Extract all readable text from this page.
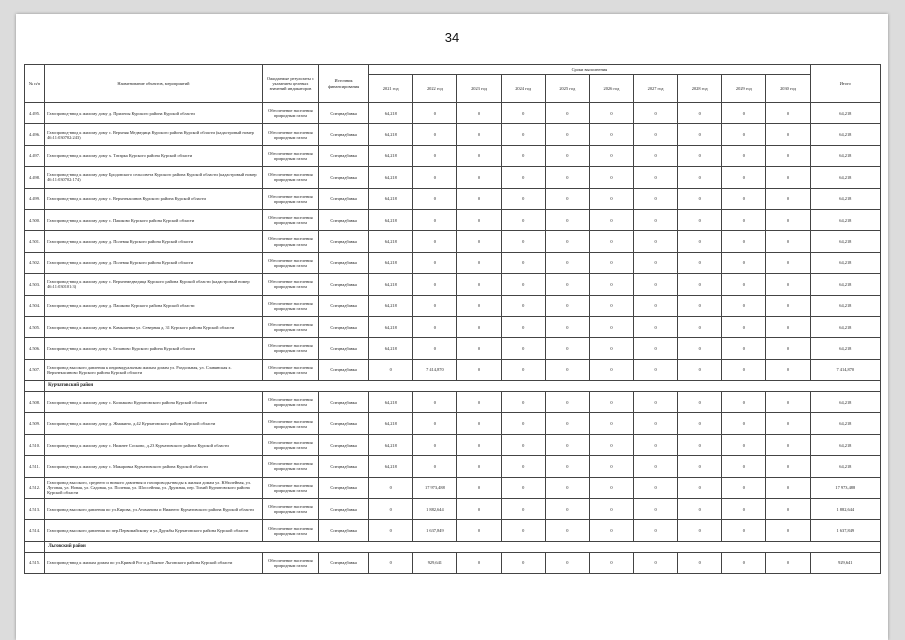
34
№ п/п	Наименование объектов, мероприятий	Ожидаемые результаты с указанием целевых значений индикаторов	Источник финансирования	Сроки выполнения										Итого
				2021 год	2022 год	2023 год	2024 год	2025 год	2026 год	2027 год	2028 год	2029 год	2030 год	
4.495.	Газопровод-ввод к жилому дому д. Прилепы Курского района Курской области	Обеспечение населения природным газом	Спецнадбавка	64,218	0	0	0	0	0	0	0	0	0	64,218
4.496.	Газопровод-ввод к жилому дому с. Верхняя Медведица Курского района Курской области (кадастровый номер 46:11:030702:243)	Обеспечение населения природным газом	Спецнадбавка	64,218	0	0	0	0	0	0	0	0	0	64,218
4.497.	Газопровод-ввод к жилому дому х. Татарка Курского района Курской области	Обеспечение населения природным газом	Спецнадбавка	64,218	0	0	0	0	0	0	0	0	0	64,218
4.498.	Газопровод-ввод к жилому дому Бродовского сельсовета Курского района Курской области (кадастровый номер 46:11:030702:174)	Обеспечение населения природным газом	Спецнадбавка	64,218	0	0	0	0	0	0	0	0	0	64,218
4.499.	Газопровод-ввод к жилому дому с. Верхнекасинов Курского района Курской области	Обеспечение населения природным газом	Спецнадбавка	64,218	0	0	0	0	0	0	0	0	0	64,218
4.500.	Газопровод-ввод к жилому дому с. Пашково Курского района Курской области	Обеспечение населения природным газом	Спецнадбавка	64,218	0	0	0	0	0	0	0	0	0	64,218
4.501.	Газопровод-ввод к жилому дому д. Полевая Курского района Курской области	Обеспечение населения природным газом	Спецнадбавка	64,218	0	0	0	0	0	0	0	0	0	64,218
4.502.	Газопровод-ввод к жилому дому д. Полевая Курского района Курской области	Обеспечение населения природным газом	Спецнадбавка	64,218	0	0	0	0	0	0	0	0	0	64,218
4.503.	Газопровод-ввод к жилому дому с. Верхнемедведица Курского района Курской области (кадастровый номер 46:11:030101:3)	Обеспечение населения природным газом	Спецнадбавка	64,218	0	0	0	0	0	0	0	0	0	64,218
4.504.	Газопровод-ввод к жилому дому д. Пашково Курского района Курской области	Обеспечение населения природным газом	Спецнадбавка	64,218	0	0	0	0	0	0	0	0	0	64,218
4.505.	Газопровод-ввод к жилому дому в. Камышевка ул. Северная д. 31 Курского района Курской области	Обеспечение населения природным газом	Спецнадбавка	64,218	0	0	0	0	0	0	0	0	0	64,218
4.506.	Газопровод-ввод к жилому дому х. Беланово Курского района Курской области	Обеспечение населения природным газом	Спецнадбавка	64,218	0	0	0	0	0	0	0	0	0	64,218
4.507.	Газопровод высокого давления к индивидуальным жилым домам ул. Раздольная, ул. Славянская х. Верхнекасиново Курского района Курской области	Обеспечение населения природным газом	Спецнадбавка	0	7 414,870	0	0	0	0	0	0	0	0	7 414,870
	Курчатовский район													
4.508.	Газопровод-ввод к жилому дому с. Колпаково Курчатовского района Курской области	Обеспечение населения природным газом	Спецнадбавка	64,218	0	0	0	0	0	0	0	0	0	64,218
4.509.	Газопровод-ввод к жилому дому д. Жмакино, д.42 Курчатовского района Курской области	Обеспечение населения природным газом	Спецнадбавка	64,218	0	0	0	0	0	0	0	0	0	64,218
4.510.	Газопровод-ввод к жилому дому с. Нижнее Сосково, д.23 Курчатовского района Курской области	Обеспечение населения природным газом	Спецнадбавка	64,218	0	0	0	0	0	0	0	0	0	64,218
4.511.	Газопровод-ввод к жилому дому с. Макаровка Курчатовского района Курской области	Обеспечение населения природным газом	Спецнадбавка	64,218	0	0	0	0	0	0	0	0	0	64,218
4.512.	Газопровод высокого, среднего и низкого давления и газопроводы-вводы к жилым домам ул. Юбилейная, ул. Луговая, ул. Новая, ул. Садовая, ул. Полевая, ул. Шоссейная, ул. Дружная, пер. Тихий Курчатовского района Курской области	Обеспечение населения природным газом	Спецнадбавка	0	17 973,488	0	0	0	0	0	0	0	0	17 973,488
4.513.	Газопровод высокого давления по ул.Кирова, ул.Атаманова и Нижнего Курчатовского района Курской области	Обеспечение населения природным газом	Спецнадбавка	0	1 882,644	0	0	0	0	0	0	0	0	1 882,644
4.514.	Газопровод высокого давления по пер.Первомайскому и ул.Дружбы Курчатовского района Курской области	Обеспечение населения природным газом	Спецнадбавка	0	1 637,849	0	0	0	0	0	0	0	0	1 637,849
	Льговский район													
4.515.	Газопровод-ввод к жилым домам по ул.Кривой Рог и д.Пьяное Льговского района Курской области	Обеспечение населения природным газом	Спецнадбавка	0	929,641	0	0	0	0	0	0	0	0	929,641
